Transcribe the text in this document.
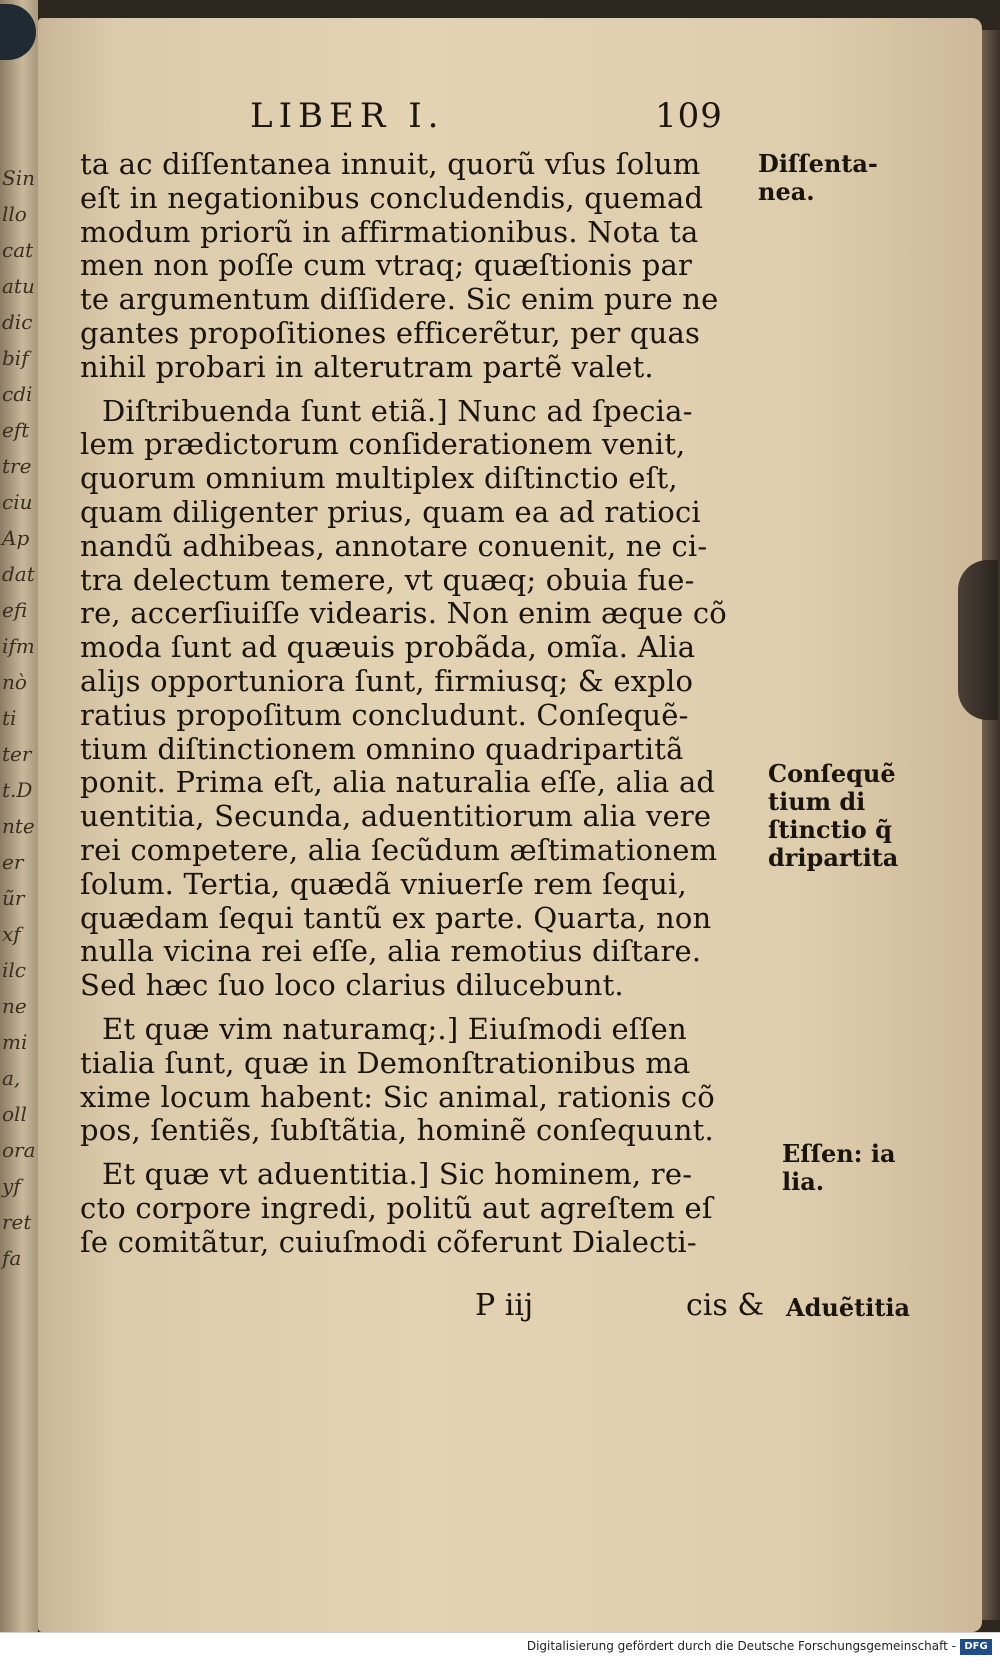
Sin
llo
cat
atu
dic
bif
cdi
eft
tre
ciu
Ap
dat
efi
ifm
nò
ti
ter
t.D
nte
er
ũr
xf
ilc
ne
mi
a,
oll
ora
yf
ret
fa
LIBER I.	109
ta ac diſſentanea innuit, quorũ vſus ſolum
eſt in negationibus concludendis, quemad
modum priorũ in affirmationibus. Nota ta
men non poſſe cum vtraq; quæſtionis par
te argumentum diſſidere. Sic enim pure ne
gantes propoſitiones efficerẽtur, per quas
nihil probari in alterutram partẽ valet.
Diſtribuenda ſunt etiã.] Nunc ad ſpecia-
lem prædictorum conſiderationem venit,
quorum omnium multiplex diſtinctio eſt,
quam diligenter prius, quam ea ad ratioci
nandũ adhibeas, annotare conuenit, ne ci-
tra delectum temere, vt quæq; obuia fue-
re, accerſiuiſſe videaris. Non enim æque cõ
moda ſunt ad quæuis probãda, omĩa. Alia
aliȷs opportuniora ſunt, firmiusq; & explo
ratius propoſitum concludunt. Conſequẽ-
tium diſtinctionem omnino quadripartitã
ponit. Prima eſt, alia naturalia eſſe, alia ad
uentitia, Secunda, aduentitiorum alia vere
rei competere, alia ſecũdum æſtimationem
ſolum. Tertia, quædã vniuerſe rem ſequi,
quædam ſequi tantũ ex parte. Quarta, non
nulla vicina rei eſſe, alia remotius diſtare.
Sed hæc ſuo loco clarius dilucebunt.
Et quæ vim naturamq;.] Eiuſmodi eſſen
tialia ſunt, quæ in Demonſtrationibus ma
xime locum habent: Sic animal, rationis cõ
pos, ſentiẽs, ſubſtãtia, hominẽ conſequunt.
Et quæ vt aduentitia.] Sic hominem, re-
cto corpore ingredi, politũ aut agreſtem eſ
ſe comitãtur, cuiuſmodi cõferunt Dialecti-
Diſſenta-
nea.
Conſequẽ
tium di
ſtinctio q̃
dripartita
Eſſen: ia
lia.
Aduẽtitia
P iij	cis &
Digitalisierung gefördert durch die Deutsche Forschungsgemeinschaft - DFG
